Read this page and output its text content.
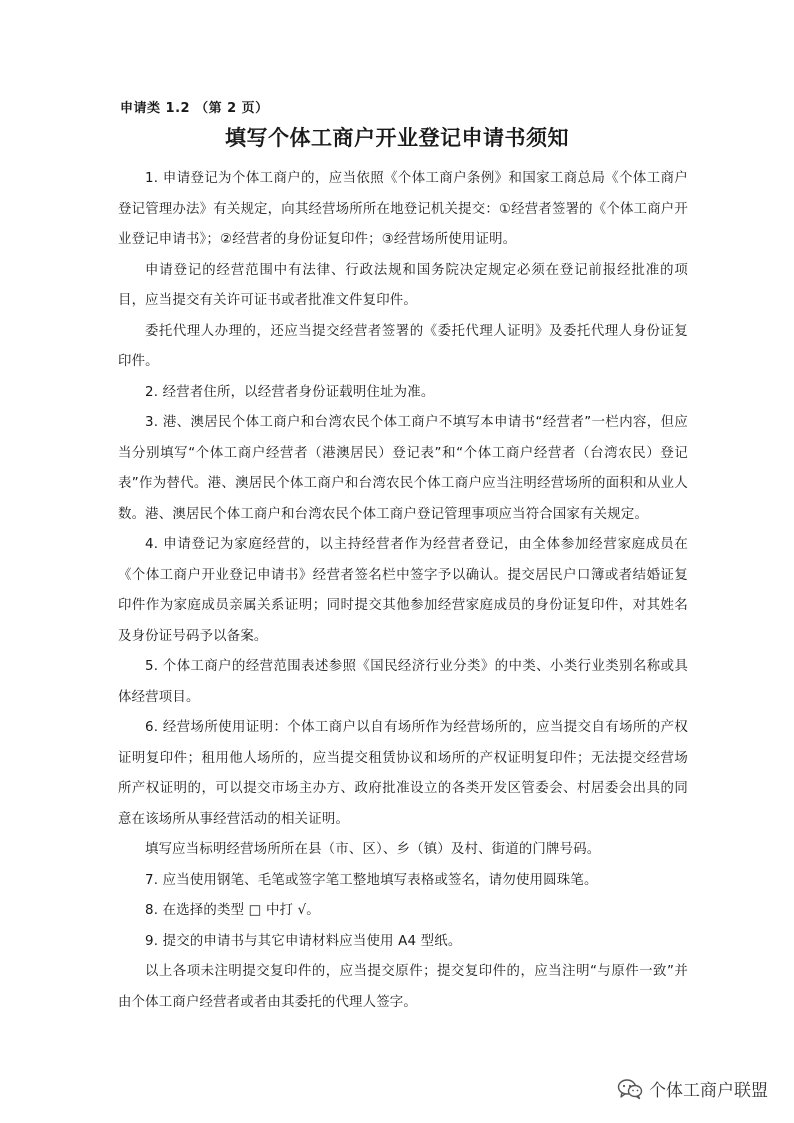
申请类 1.2 （第 2 页）
填写个体工商户开业登记申请书须知

1. 申请登记为个体工商户的，应当依照《个体工商户条例》和国家工商总局《个体工商户登记管理办法》有关规定，向其经营场所所在地登记机关提交：①经营者签署的《个体工商户开业登记申请书》；②经营者的身份证复印件；③经营场所使用证明。

申请登记的经营范围中有法律、行政法规和国务院决定规定必须在登记前报经批准的项目，应当提交有关许可证书或者批准文件复印件。

委托代理人办理的，还应当提交经营者签署的《委托代理人证明》及委托代理人身份证复印件。

2. 经营者住所，以经营者身份证载明住址为准。

3. 港、澳居民个体工商户和台湾农民个体工商户不填写本申请书“经营者”一栏内容，但应当分别填写“个体工商户经营者（港澳居民）登记表”和“个体工商户经营者（台湾农民）登记表”作为替代。港、澳居民个体工商户和台湾农民个体工商户应当注明经营场所的面积和从业人数。港、澳居民个体工商户和台湾农民个体工商户登记管理事项应当符合国家有关规定。

4. 申请登记为家庭经营的，以主持经营者作为经营者登记，由全体参加经营家庭成员在《个体工商户开业登记申请书》经营者签名栏中签字予以确认。提交居民户口簿或者结婚证复印件作为家庭成员亲属关系证明；同时提交其他参加经营家庭成员的身份证复印件，对其姓名及身份证号码予以备案。

5. 个体工商户的经营范围表述参照《国民经济行业分类》的中类、小类行业类别名称或具体经营项目。

6. 经营场所使用证明：个体工商户以自有场所作为经营场所的，应当提交自有场所的产权证明复印件；租用他人场所的，应当提交租赁协议和场所的产权证明复印件；无法提交经营场所产权证明的，可以提交市场主办方、政府批准设立的各类开发区管委会、村居委会出具的同意在该场所从事经营活动的相关证明。

填写应当标明经营场所所在县（市、区）、乡（镇）及村、街道的门牌号码。

7. 应当使用钢笔、毛笔或签字笔工整地填写表格或签名，请勿使用圆珠笔。

8. 在选择的类型 □ 中打 √。

9. 提交的申请书与其它申请材料应当使用 A4 型纸。

以上各项未注明提交复印件的，应当提交原件；提交复印件的，应当注明“与原件一致”并由个体工商户经营者或者由其委托的代理人签字。

个体工商户联盟
